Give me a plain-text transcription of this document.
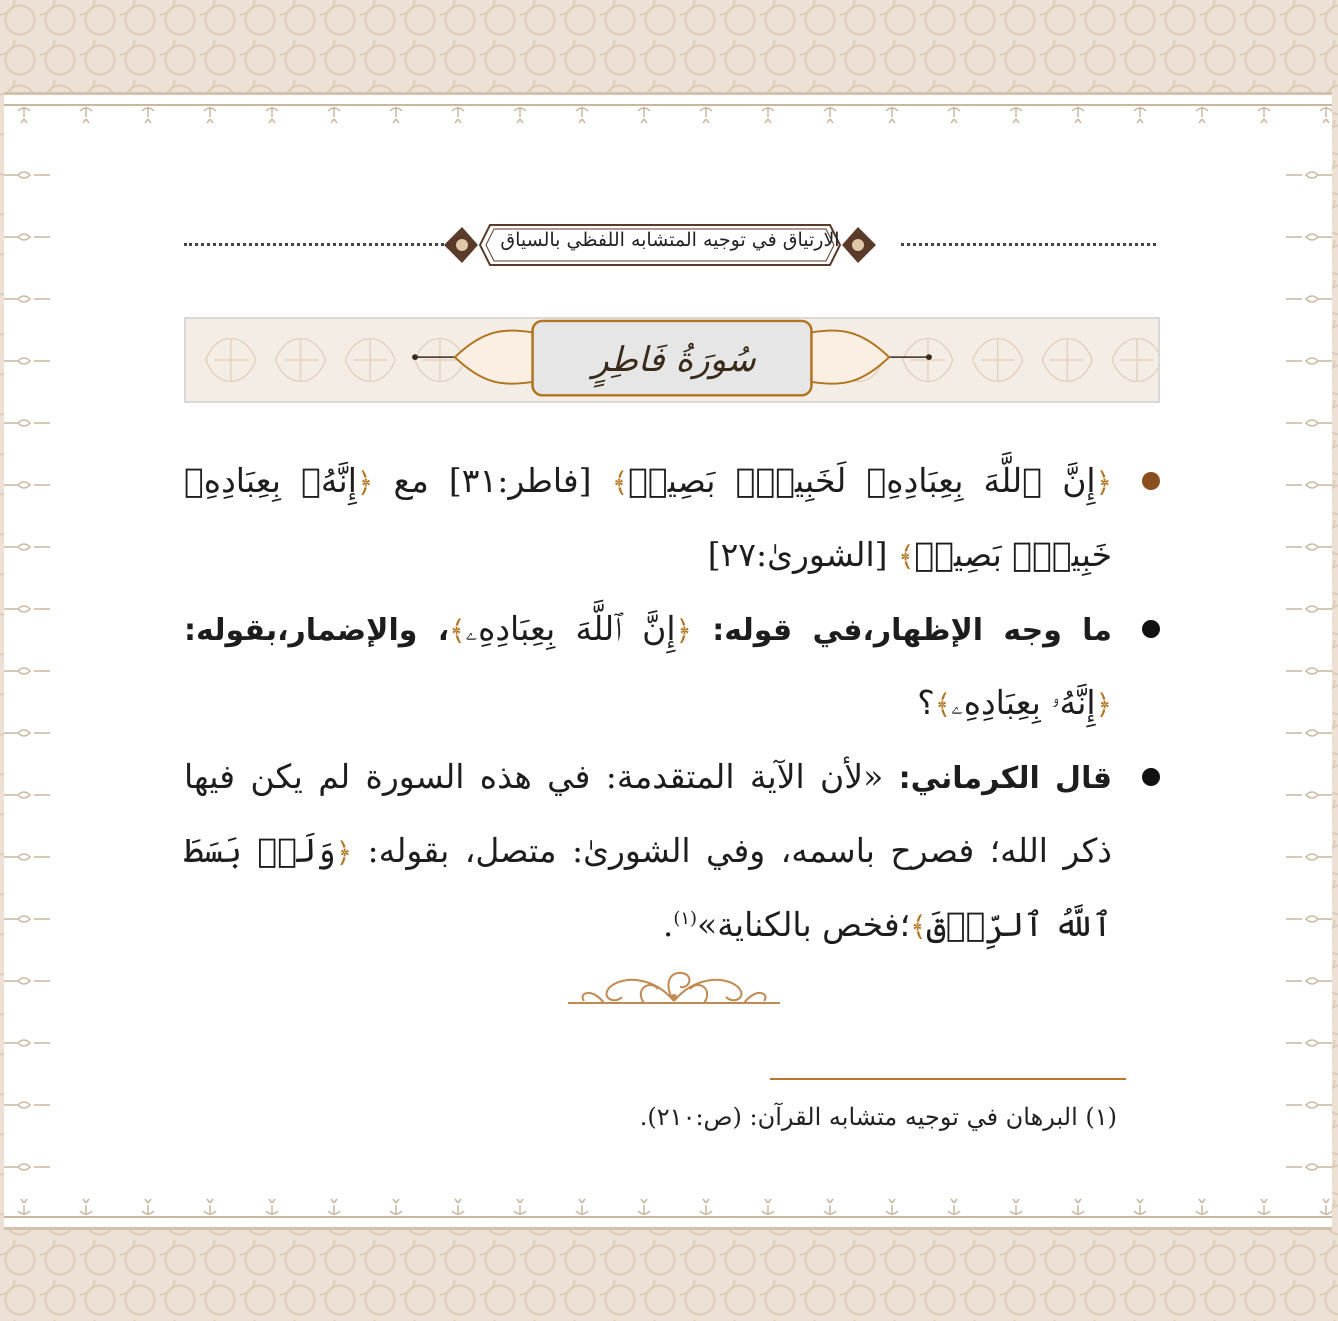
الارتياق في توجيه المتشابه اللفظي بالسياق
سُورَةُ فَاطِرٍ

﴿إِنَّ ٱللَّهَ بِعِبَادِهِۦ لَخَبِيرُۢ بَصِيرٞ﴾ [فاطر:٣١] مع ﴿إِنَّهُۥ بِعِبَادِهِۦ خَبِيرُۢ بَصِيرٞ﴾ [الشورىٰ:٢٧]

ما وجه الإظهار،في قوله: ﴿إِنَّ ٱللَّهَ بِعِبَادِهِۦ﴾، والإضمار،بقوله: ﴿إِنَّهُۥ بِعِبَادِهِۦ﴾؟

قال الكرماني: «لأن الآية المتقدمة: في هذه السورة لم يكن فيها ذكر الله؛ فصرح باسمه، وفي الشورىٰ: متصل، بقوله: ﴿وَلَوۡ بَسَطَ ٱللَّهُ ٱلرِّزۡقَ﴾؛فخص بالكناية»$^{(١)}$.

(١) البرهان في توجيه متشابه القرآن: (ص:٢١٠).
